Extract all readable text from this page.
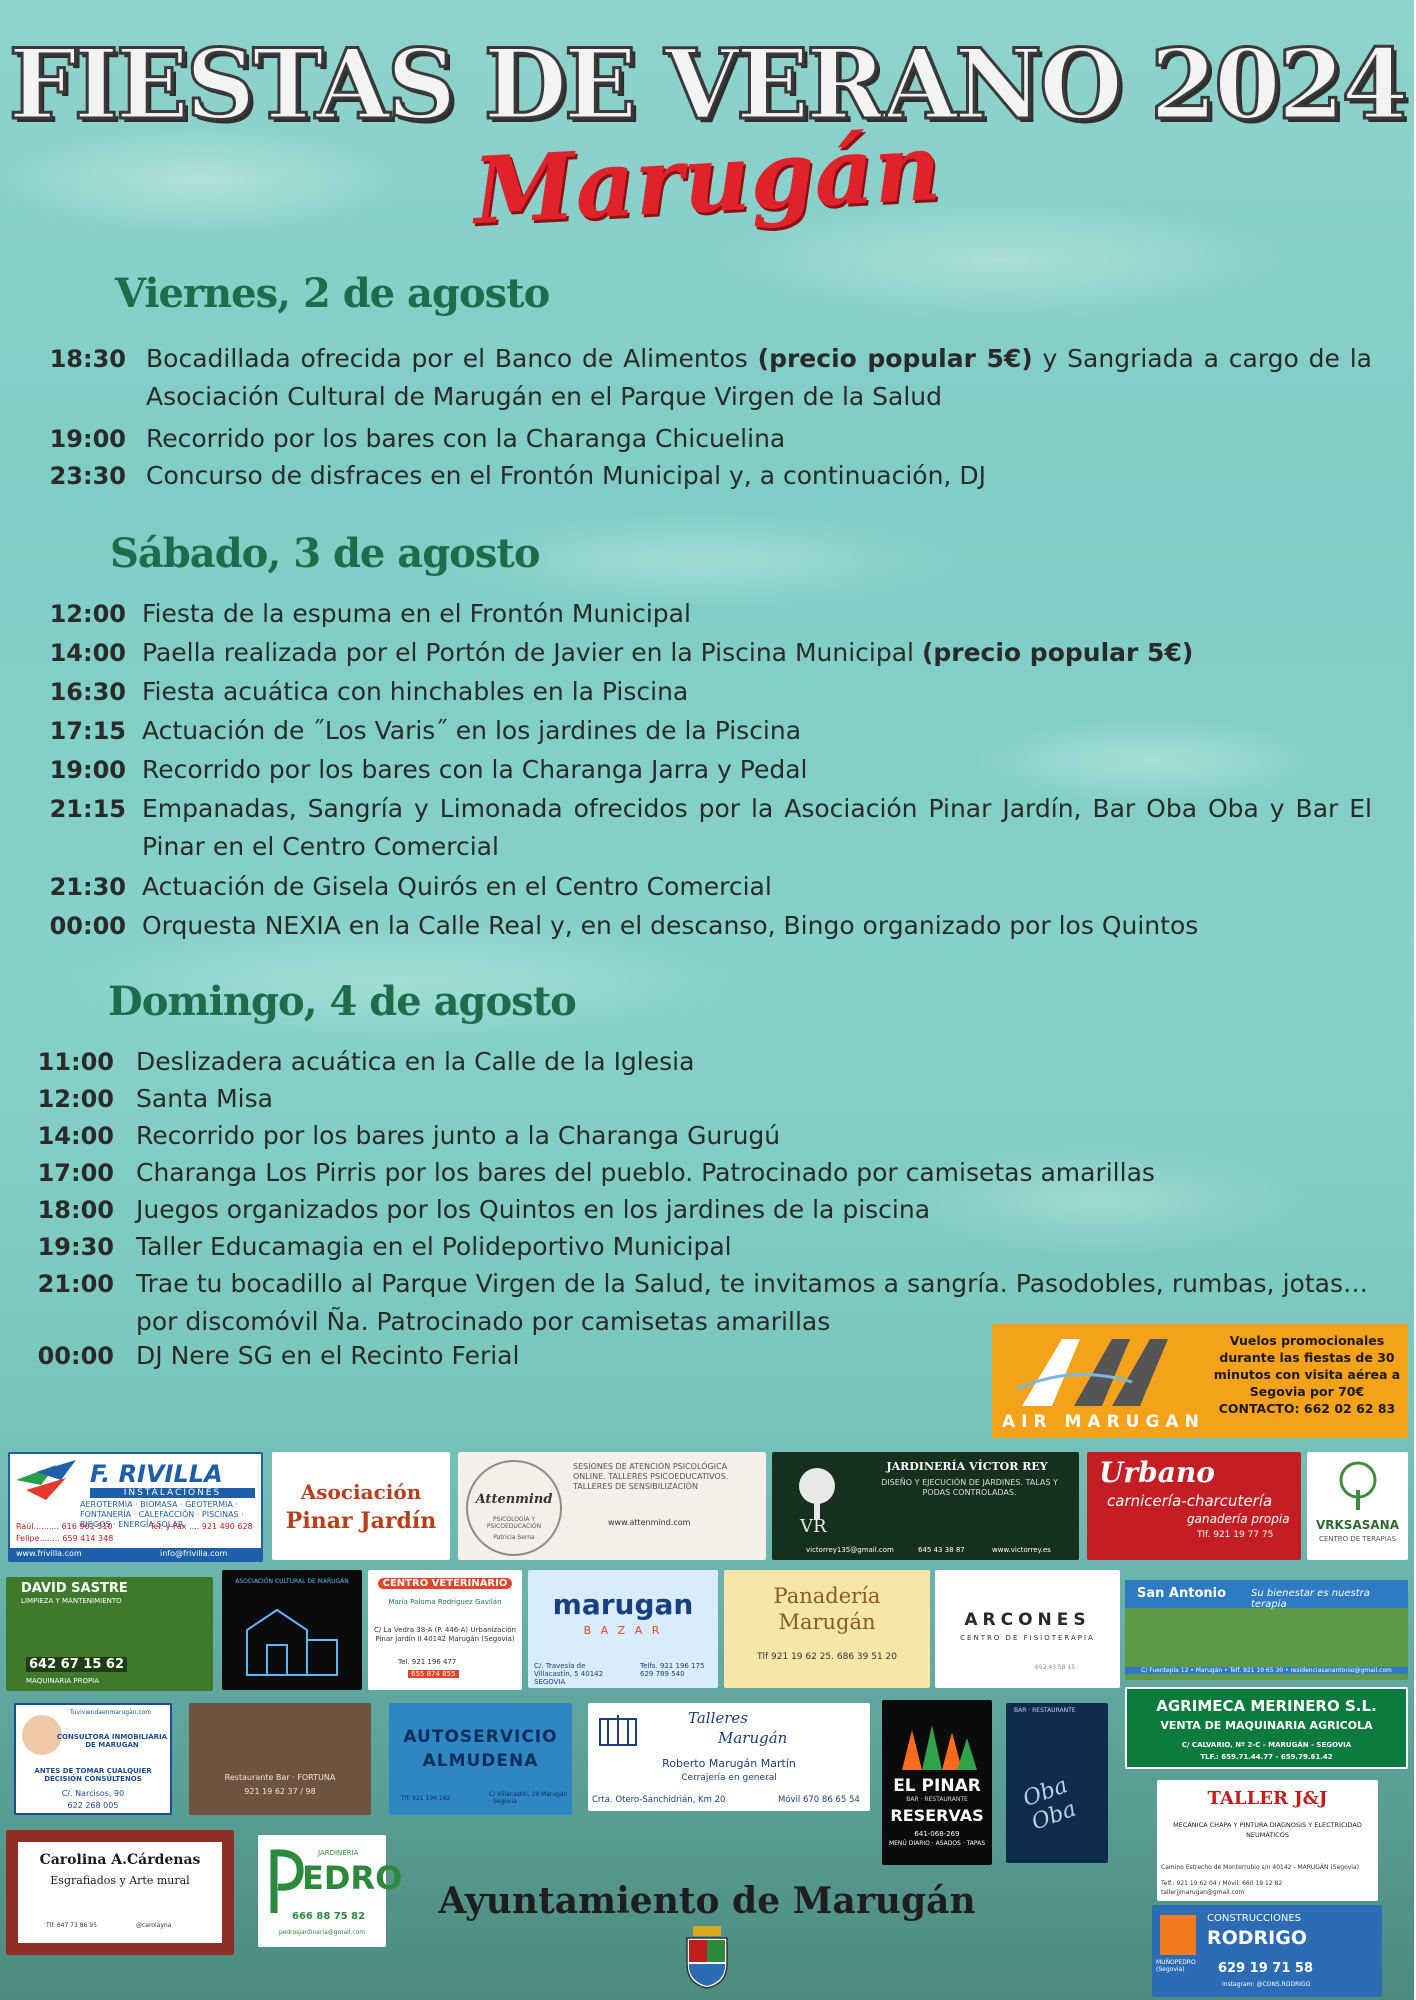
FIESTAS DE VERANO 2024
Marugán
Viernes, 2 de agosto
18:30 Bocadillada ofrecida por el Banco de Alimentos (precio popular 5€) y Sangriada a cargo de la Asociación Cultural de Marugán en el Parque Virgen de la Salud
19:00 Recorrido por los bares con la Charanga Chicuelina
23:30 Concurso de disfraces en el Frontón Municipal y, a continuación, DJ
Sábado, 3 de agosto
12:00 Fiesta de la espuma en el Frontón Municipal
14:00 Paella realizada por el Portón de Javier en la Piscina Municipal (precio popular 5€)
16:30 Fiesta acuática con hinchables en la Piscina
17:15 Actuación de ˝Los Varis˝ en los jardines de la Piscina
19:00 Recorrido por los bares con la Charanga Jarra y Pedal
21:15 Empanadas, Sangría y Limonada ofrecidos por la Asociación Pinar Jardín, Bar Oba Oba y Bar El Pinar en el Centro Comercial
21:30 Actuación de Gisela Quirós en el Centro Comercial
00:00 Orquesta NEXIA en la Calle Real y, en el descanso, Bingo organizado por los Quintos
Domingo, 4 de agosto
11:00 Deslizadera acuática en la Calle de la Iglesia
12:00 Santa Misa
14:00 Recorrido por los bares junto a la Charanga Gurugú
17:00 Charanga Los Pirris por los bares del pueblo. Patrocinado por camisetas amarillas
18:00 Juegos organizados por los Quintos en los jardines de la piscina
19:30 Taller Educamagia en el Polideportivo Municipal
21:00 Trae tu bocadillo al Parque Virgen de la Salud, te invitamos a sangría. Pasodobles, rumbas, jotas… por discomóvil Ña. Patrocinado por camisetas amarillas
00:00 DJ Nere SG en el Recinto Ferial
AIR MARUGAN
Vuelos promocionales durante las fiestas de 30 minutos con visita aérea a Segovia por 70€
CONTACTO: 662 02 62 83
F. RIVILLA
INSTALACIONES
AEROTERMIA · BIOMASA · GEOTERMIA · FONTANERÍA · CALEFACCIÓN · PISCINAS · RIEGOS · ENERGÍA SOLAR
Raúl.......... 616 901 310
Felipe........ 659 414 348
Tel. y Fax .... 921 490 628
www.frivilla.com	info@frivilla.com
Asociación
Pinar Jardín
Attenmind
PSICOLOGÍA Y PSICOEDUCACIÓN
Patricia Serna
SESIONES DE ATENCIÓN PSICOLÓGICA ONLINE. TALLERES PSICOEDUCATIVOS. TALLERES DE SENSIBILIZACIÓN
www.attenmind.com	VR
JARDINERÍA VÍCTOR REY
DISEÑO Y EJECUCIÓN DE JARDINES. TALAS Y PODAS CONTROLADAS.
victorrey135@gmail.com	645 43 38 87	www.victorrey.es
Urbano
carnicería-charcutería
ganadería propia
Tlf. 921 19 77 75
VRKSASANA
CENTRO DE TERAPIAS
DAVID SASTRE
LIMPIEZA Y MANTENIMIENTO
642 67 15 62
MAQUINARIA PROPIA
ASOCIACIÓN CULTURAL DE MARUGÁN	CENTRO VETERINARIO
María Paloma Rodríguez Gavilán
C/ La Vedra 38-A (P. 446-A) Urbanización Pinar Jardín II 40142 Marugán (Segovia)
Tel. 921 196 477
655 874 855
marugan
B A Z A R
C/. Travesía de Villacastín, 5 40142 SEGOVIA
Telfs. 921 196 175 629 789 540
Panadería
Marugán
Tlf 921 19 62 25. 686 39 51 20
ARCONES
CENTRO DE FISIOTERAPIA
652 43 58 15
San Antonio Su bienestar es nuestra terapia
C/ Fuentepía 12 • Marugán • Telf. 921 19 65 30 • residenciasanantonio@gmail.com
AGRIMECA MERINERO S.L.
VENTA DE MAQUINARIA AGRICOLA
C/ CALVARIO, Nº 2-C - MARUGÁN - SEGOVIA
TLF.: 659.71.44.77 - 659.79.61.42
Tuviviendaenmarugan.com
CONSULTORA INMOBILIARIA DE MARUGAN
ANTES DE TOMAR CUALQUIER DECISIÓN CONSÚLTENOS
C/. Narcisos, 90
622 268 005
Restaurante Bar · FORTUNA
921 19 62 37 / 98
AUTOSERVICIO
ALMUDENA
Tlf: 921 196 162
C/ Villacastín, 19 Marugán · Segovia
Talleres
Marugán
Roberto Marugán Martín
Cerrajería en general
Crta. Otero-Sanchidrián, Km 20	Móvil 670 86 65 54
EL PINAR
BAR · RESTAURANTE
RESERVAS
641-068-269
MENÚ DIARIO · ASADOS · TAPAS
BAR · RESTAURANTE
Oba Oba	TALLER J&J
MECÁNICA CHAPA Y PINTURA DIAGNOSIS Y ELECTRICIDAD NEUMÁTICOS
Camino Estrecho de Monterrubio s/n 40142 - MARUGÁN (Segovia)
Telf.: 921 19 62 04 / Móvil: 660 19 12 82
tallerjjmarugan@gmail.com
Carolina A.Cárdenas
Esgrafiados y Arte mural
Tlf. 647 73 86 95	@carolayna
JARDINERÍA
EDRO
666 88 75 82
pedrosjardineria@gmail.com
CONSTRUCCIONES
RODRIGO
MUÑOPEDRO (Segovia)	629 19 71 58
Instagram: @CONS.RODRIGO
Ayuntamiento de Marugán
